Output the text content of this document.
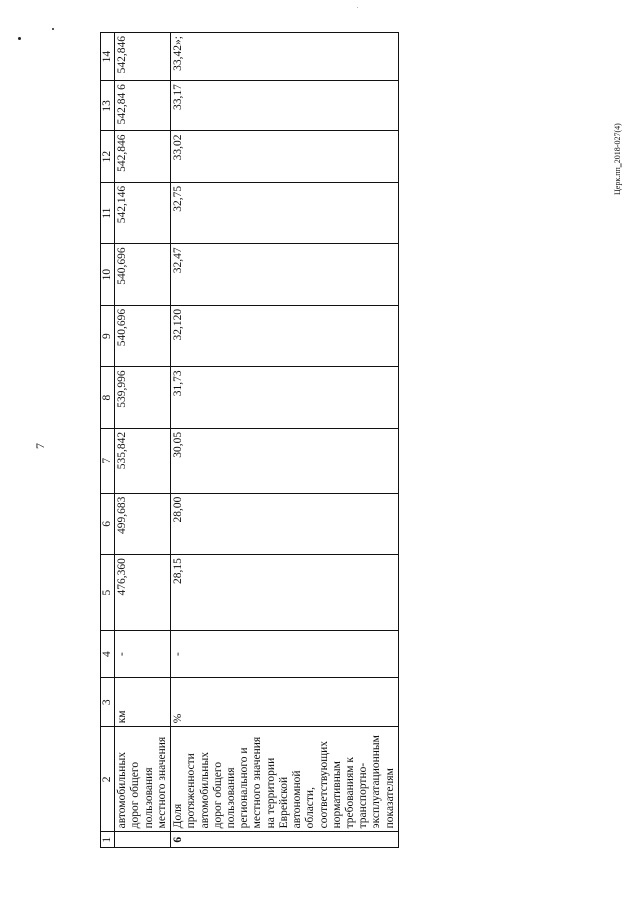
7
Церк.пп‗2018-027(4)
1	2	3	4	5	6	7	8	9	10	11	12	13	14
	автомобильных дорог общего пользования местного значения	км	-	476,360	499,683	535,842	539,996	540,696	540,696	542,146	542,846	542,84 6	542,846
6	Доля протяженности автомобильных дорог общего пользования регионального и местного значения на территории Еврейской автономной области, соответствующих нормативным требованиям к транспортно-эксплуатационным показателям	%	-	28,15	28,00	30,05	31,73	32,120	32,47	32,75	33,02	33,17	33,42»;
